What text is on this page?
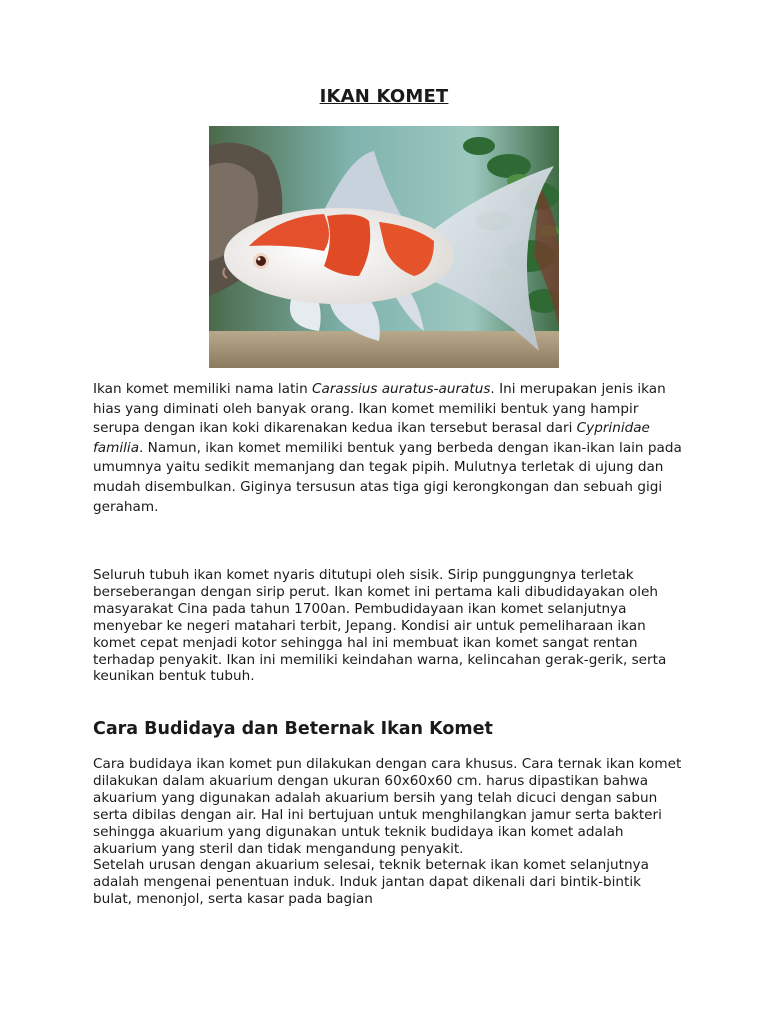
IKAN KOMET

Ikan komet memiliki nama latin Carassius auratus-auratus. Ini merupakan jenis ikan hias yang diminati oleh banyak orang. Ikan komet memiliki bentuk yang hampir serupa dengan ikan koki dikarenakan kedua ikan tersebut berasal dari Cyprinidae familia. Namun, ikan komet memiliki bentuk yang berbeda dengan ikan-ikan lain pada umumnya yaitu sedikit memanjang dan tegak pipih. Mulutnya terletak di ujung dan mudah disembulkan. Giginya tersusun atas tiga gigi kerongkongan dan sebuah gigi geraham.

Seluruh tubuh ikan komet nyaris ditutupi oleh sisik. Sirip punggungnya terletak berseberangan dengan sirip perut. Ikan komet ini pertama kali dibudidayakan oleh masyarakat Cina pada tahun 1700an. Pembudidayaan ikan komet selanjutnya menyebar ke negeri matahari terbit, Jepang. Kondisi air untuk pemeliharaan ikan komet cepat menjadi kotor sehingga hal ini membuat ikan komet sangat rentan terhadap penyakit. Ikan ini memiliki keindahan warna, kelincahan gerak-gerik, serta keunikan bentuk tubuh.

Cara Budidaya dan Beternak Ikan Komet
Cara budidaya ikan komet pun dilakukan dengan cara khusus. Cara ternak ikan komet dilakukan dalam akuarium dengan ukuran 60x60x60 cm. harus dipastikan bahwa akuarium yang digunakan adalah akuarium bersih yang telah dicuci dengan sabun serta dibilas dengan air. Hal ini bertujuan untuk menghilangkan jamur serta bakteri sehingga akuarium yang digunakan untuk teknik budidaya ikan komet adalah akuarium yang steril dan tidak mengandung penyakit.
Setelah urusan dengan akuarium selesai, teknik beternak ikan komet selanjutnya adalah mengenai penentuan induk. Induk jantan dapat dikenali dari bintik-bintik bulat, menonjol, serta kasar pada bagian
